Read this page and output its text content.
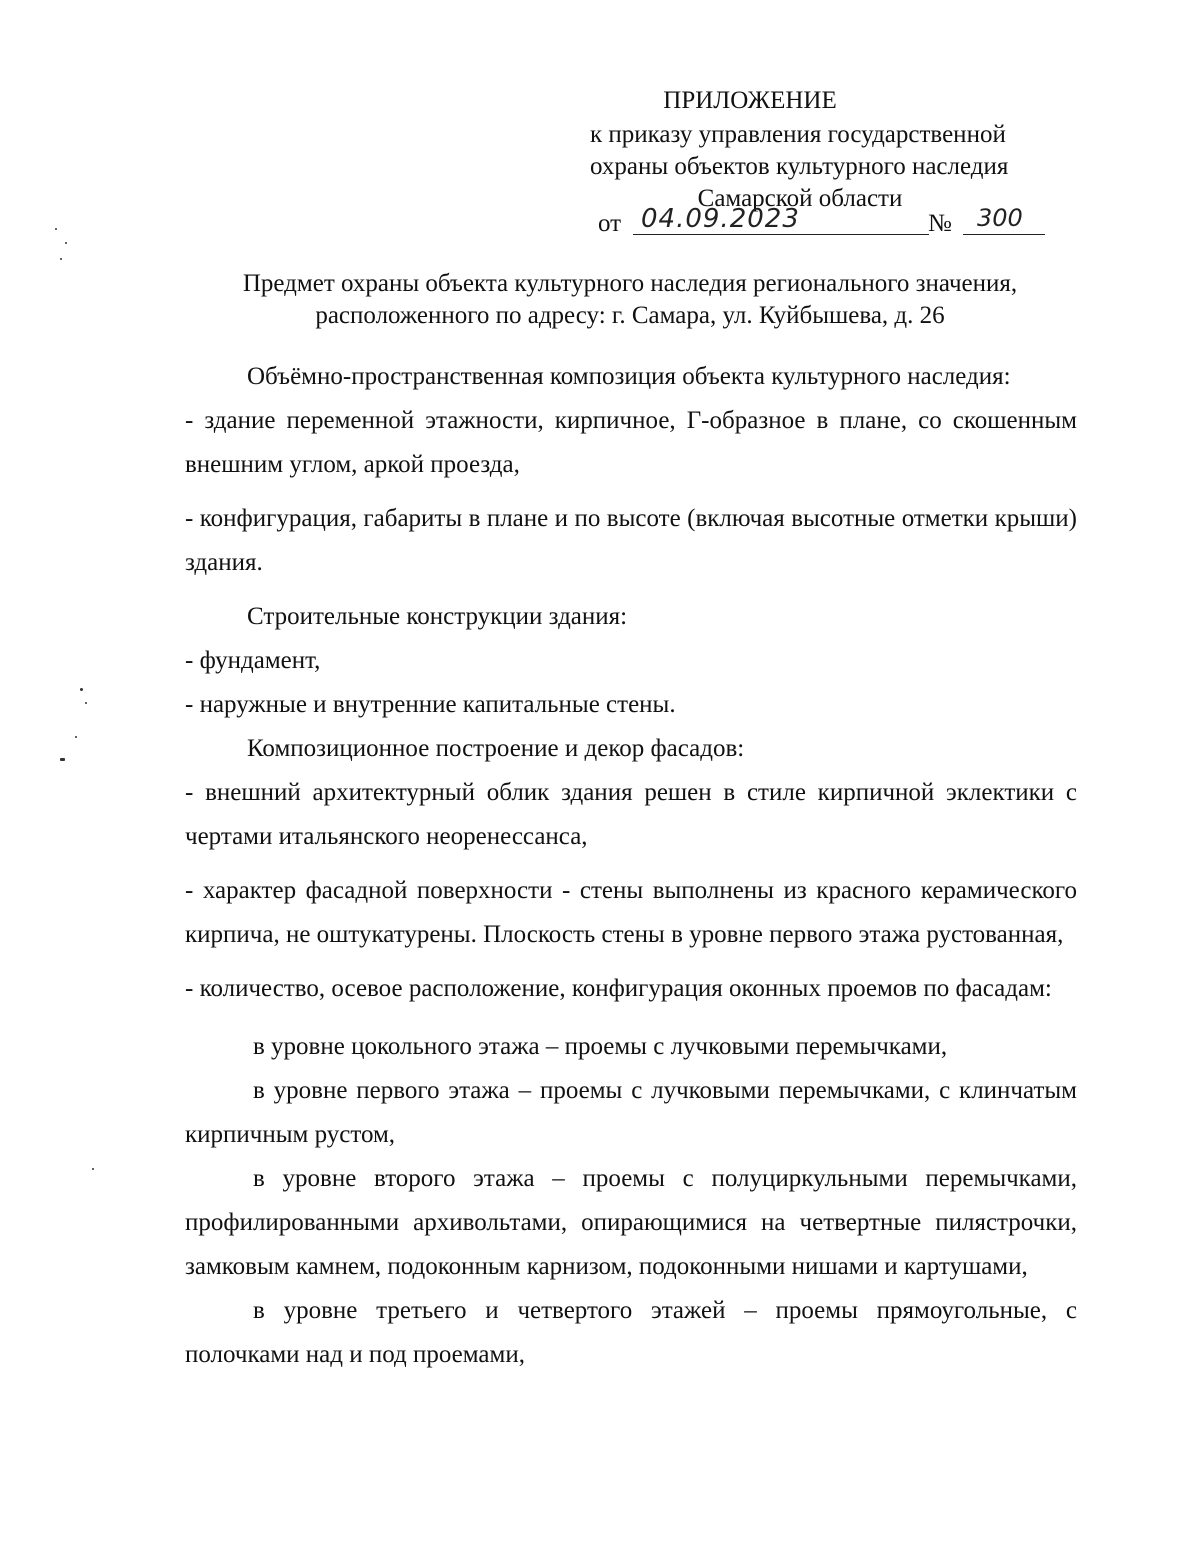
ПРИЛОЖЕНИЕ
к приказу управления государственной
охраны объектов культурного наследия
Самарской области
от 04.09.2023	№	300
Предмет охраны объекта культурного наследия регионального значения,
расположенного по адресу: г. Самара, ул. Куйбышева, д. 26

Объёмно-пространственная композиция объекта культурного наследия:

- здание переменной этажности, кирпичное, Г-образное в плане, со скошенным внешним углом, аркой проезда,

- конфигурация, габариты в плане и по высоте (включая высотные отметки крыши) здания.

Строительные конструкции здания:

- фундамент,

- наружные и внутренние капитальные стены.

Композиционное построение и декор фасадов:

- внешний архитектурный облик здания решен в стиле кирпичной эклектики с чертами итальянского неоренессанса,

- характер фасадной поверхности - стены выполнены из красного керамического кирпича, не оштукатурены. Плоскость стены в уровне первого этажа рустованная,

- количество, осевое расположение, конфигурация оконных проемов по фасадам:

в уровне цокольного этажа – проемы с лучковыми перемычками,

в уровне первого этажа – проемы с лучковыми перемычками, с клинчатым кирпичным рустом,

в уровне второго этажа – проемы с полуциркульными перемычками, профилированными архивольтами, опирающимися на четвертные пилястрочки, замковым камнем, подоконным карнизом, подоконными нишами и картушами,

в уровне третьего и четвертого этажей – проемы прямоугольные, с полочками над и под проемами,
